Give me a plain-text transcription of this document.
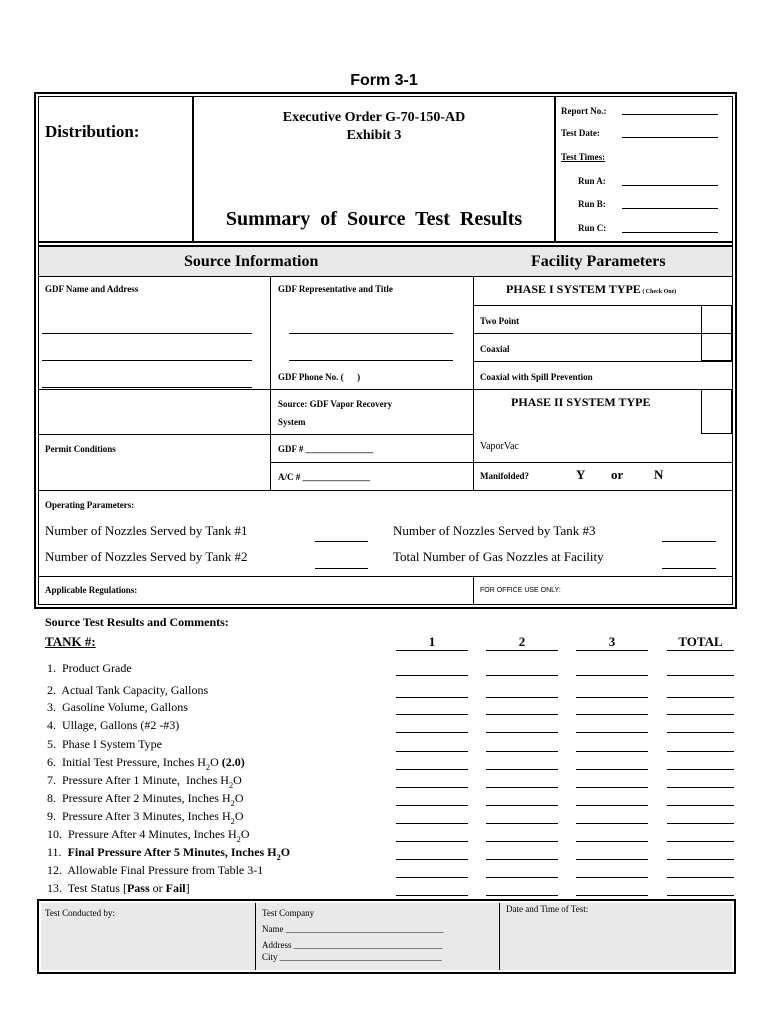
Form 3-1
Distribution:
Executive Order G-70-150-AD
Exhibit 3
Summary  of  Source  Test  Results
Report No.:
Test Date:
Test Times:
Run A:
Run B:
Run C:
Source Information	Facility Parameters
GDF Name and Address
Permit Conditions
GDF Representative and Title
GDF Phone No. (      )
Source: GDF Vapor Recovery
System
GDF # _______________
A/C # _______________
PHASE I SYSTEM TYPE ( Check One)
Two Point
Coaxial
Coaxial with Spill Prevention
PHASE II SYSTEM TYPE
VaporVac
Manifolded?	Y or N
Operating Parameters:
Number of Nozzles Served by Tank #1
Number of Nozzles Served by Tank #2
Number of Nozzles Served by Tank #3
Total Number of Gas Nozzles at Facility
Applicable Regulations:	FOR OFFICE USE ONLY:
Source Test Results and Comments:
TANK #:	1	2	3	TOTAL
1. Product Grade
2. Actual Tank Capacity, Gallons
3. Gasoline Volume, Gallons
4. Ullage, Gallons (#2 -#3)
5. Phase I System Type
6. Initial Test Pressure, Inches $H_2O$ (2.0)
7. Pressure After 1 Minute,  Inches $H_2O$
8. Pressure After 2 Minutes, Inches $H_2O$
9. Pressure After 3 Minutes, Inches $H_2O$
10. Pressure After 4 Minutes, Inches $H_2O$
11. Final Pressure After 5 Minutes, Inches $H_2O$
12. Allowable Final Pressure from Table 3-1
13. Test Status [Pass or Fail]
Test Conducted by:	Test Company
Name ___________________________________
Address _________________________________
City ____________________________________
Date and Time of Test:
